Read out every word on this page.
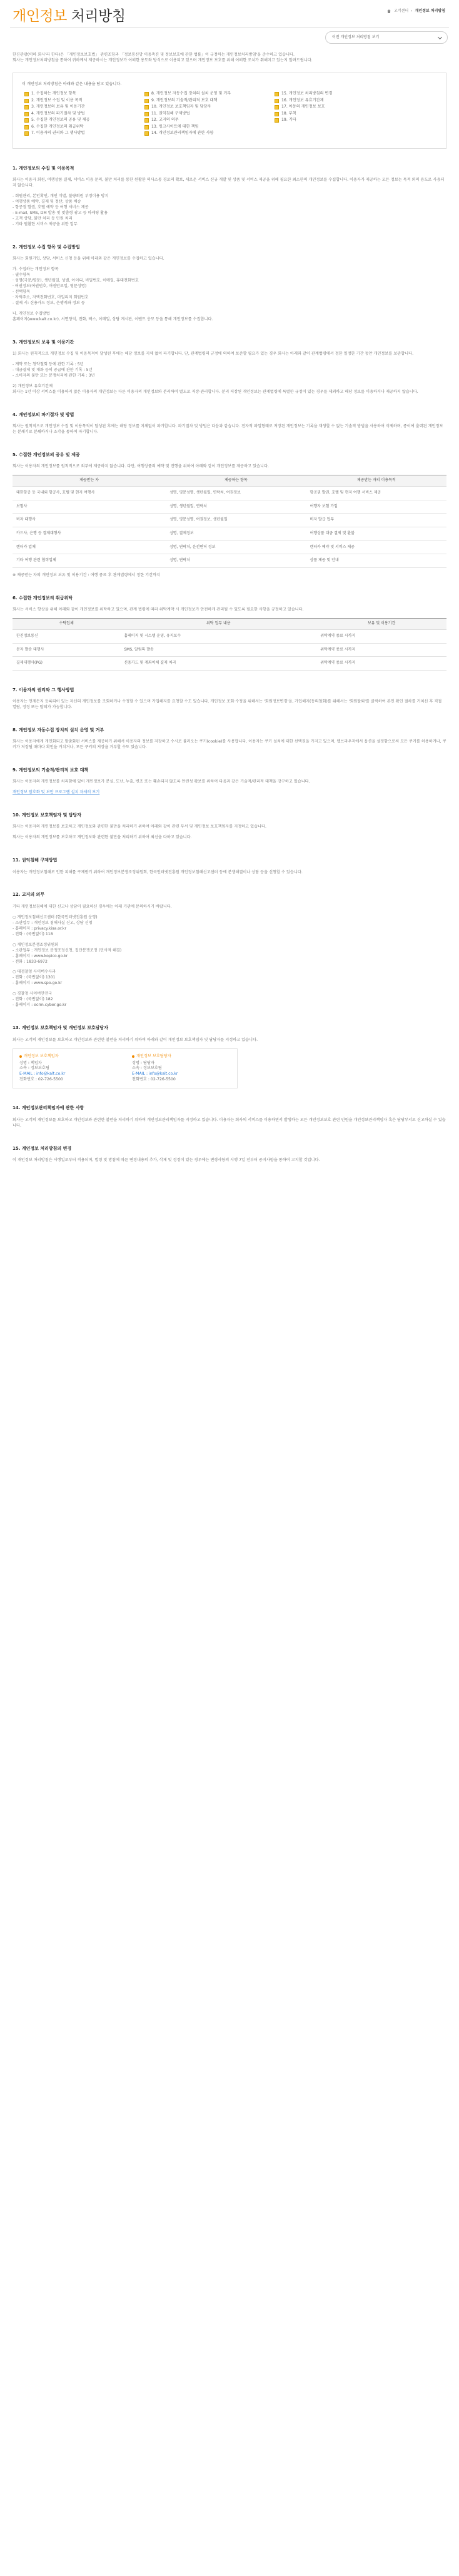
개인정보 처리방침	고객센터 › 개인정보 처리방침
이전 개인정보 처리방침 보기
한진관광(이하 회사'라 한다)은 「개인정보보호법」 관련조항과 「정보통신망 이용촉진 및 정보보호에 관한 법률」이 규정하는 개인정보처리방침'을 준수하고 있습니다.
회사는 개인정보처리방침을 통하여 귀하께서 제공하시는 개인정보가 어떠한 용도와 방식으로 이용되고 있으며 개인정보 보호를 위해 어떠한 조치가 취해지고 있는지 알려드립니다.
이 개인정보 처리방침은 아래와 같은 내용을 담고 있습니다.
1. 수집하는 개인정보 항목
2. 개인정보 수집 및 이용 목적
3. 개인정보의 보유 및 이용기간
4. 개인정보의 파기절차 및 방법
5. 수집한 개인정보의 공유 및 제공
6. 수집한 개인정보의 취급위탁
7. 이용자의 권리와 그 행사방법
8. 개인정보 자동수집 장치의 설치 운영 및 거부
9. 개인정보의 기술적/관리적 보호 대책
10. 개인정보 보호책임자 및 담당자
11. 권익침해 구제방법
12. 고지의 의무
13. 링크사이트에 대한 책임
14. 개인정보관리책임자에 관한 사항
15. 개인정보 처리방침의 변경
16. 개인정보 유효기간제
17. 아동의 개인정보 보호
18. 부칙
19. 기타
1. 개인정보의 수집 및 이용목적
회사는 이용자 회원, 여행상품 결제, 서비스 이용 문의, 불만 처리를 통한 원활한 의사소통 경로의 확보, 새로운 서비스 신규 개발 및 상품 및 서비스 제공을 위해 필요한 최소한의 개인정보를 수집합니다. 이용자가 제공하는 모든 정보는 목적 외의 용도로 사용되지 않습니다.
- 회원관리, 본인확인, 개인 식별, 불량회원 부정이용 방지
- 여행상품 예약, 결제 및 정산, 상품 배송
- 항공권 발권, 호텔 예약 등 여행 서비스 제공
- E-mail, SMS, DM 발송 및 맞춤형 광고 등 마케팅 활용
- 고객 상담, 불만 처리 등 민원 처리
- 기타 원활한 서비스 제공을 위한 업무
2. 개인정보 수집 항목 및 수집방법
회사는 회원가입, 상담, 서비스 신청 등을 위해 아래와 같은 개인정보를 수집하고 있습니다.
가. 수집하는 개인정보 항목
- 필수항목
· 성명(국문/영문), 생년월일, 성별, 아이디, 비밀번호, 이메일, 휴대전화번호
· 여권정보(여권번호, 여권만료일, 영문성명)
- 선택항목
· 자택주소, 자택전화번호, 마일리지 회원번호
- 결제 시: 신용카드 정보, 은행계좌 정보 등
나. 개인정보 수집방법
홈페이지(www.kalt.co.kr), 서면양식, 전화, 팩스, 이메일, 상담 게시판, 이벤트 응모 등을 통해 개인정보를 수집합니다.
3. 개인정보의 보유 및 이용기간
1) 회사는 원칙적으로 개인정보 수집 및 이용목적이 달성된 후에는 해당 정보를 지체 없이 파기합니다. 단, 관계법령의 규정에 의하여 보존할 필요가 있는 경우 회사는 아래와 같이 관계법령에서 정한 일정한 기간 동안 개인정보를 보관합니다.
- 계약 또는 청약철회 등에 관한 기록 : 5년
- 대금결제 및 재화 등의 공급에 관한 기록 : 5년
- 소비자의 불만 또는 분쟁처리에 관한 기록 : 3년
2) 개인정보 유효기간제
회사는 1년 이상 서비스를 이용하지 않은 이용자의 개인정보는 다른 이용자의 개인정보와 분리하여 별도로 저장·관리합니다. 분리 저장된 개인정보는 관계법령에 특별한 규정이 있는 경우를 제외하고 해당 정보를 이용하거나 제공하지 않습니다.
4. 개인정보의 파기절차 및 방법
회사는 원칙적으로 개인정보 수집 및 이용목적이 달성된 후에는 해당 정보를 지체없이 파기합니다. 파기절차 및 방법은 다음과 같습니다. 전자적 파일형태로 저장된 개인정보는 기록을 재생할 수 없는 기술적 방법을 사용하여 삭제하며, 종이에 출력된 개인정보는 분쇄기로 분쇄하거나 소각을 통하여 파기합니다.
5. 수집한 개인정보의 공유 및 제공
회사는 이용자의 개인정보를 원칙적으로 외부에 제공하지 않습니다. 다만, 여행상품의 예약 및 진행을 위하여 아래와 같이 개인정보를 제공하고 있습니다.
제공받는 자	제공하는 항목	제공받는 자의 이용목적
대한항공 등 국내외 항공사, 호텔 및 현지 여행사	성명, 영문성명, 생년월일, 연락처, 여권정보	항공권 발권, 호텔 및 현지 여행 서비스 제공
보험사	성명, 생년월일, 연락처	여행자 보험 가입
비자 대행사	성명, 영문성명, 여권정보, 생년월일	비자 발급 업무
카드사, 은행 등 결제대행사	성명, 결제정보	여행상품 대금 결제 및 환불
렌터카 업체	성명, 연락처, 운전면허 정보	렌터카 예약 및 서비스 제공
기타 여행 관련 협력업체	성명, 연락처	상품 제공 및 안내
※ 제공받는 자의 개인정보 보유 및 이용기간 : 여행 종료 후 관계법령에서 정한 기간까지
6. 수집한 개인정보의 취급위탁
회사는 서비스 향상을 위해 아래와 같이 개인정보를 위탁하고 있으며, 관계 법령에 따라 위탁계약 시 개인정보가 안전하게 관리될 수 있도록 필요한 사항을 규정하고 있습니다.
수탁업체	위탁 업무 내용	보유 및 이용기간
한진정보통신	홈페이지 및 시스템 운영, 유지보수	위탁계약 종료 시까지
문자 발송 대행사	SMS, 알림톡 발송	위탁계약 종료 시까지
결제대행사(PG)	신용카드 및 계좌이체 결제 처리	위탁계약 종료 시까지
7. 이용자의 권리와 그 행사방법
이용자는 언제든지 등록되어 있는 자신의 개인정보를 조회하거나 수정할 수 있으며 가입해지를 요청할 수도 있습니다. 개인정보 조회·수정을 위해서는 '회원정보변경'을, 가입해지(동의철회)를 위해서는 '회원탈퇴'를 클릭하여 본인 확인 절차를 거치신 후 직접 열람, 정정 또는 탈퇴가 가능합니다.
8. 개인정보 자동수집 장치의 설치 운영 및 거부
회사는 이용자에게 개인화되고 맞춤화된 서비스를 제공하기 위해서 이용자의 정보를 저장하고 수시로 불러오는 쿠키(cookie)를 사용합니다. 이용자는 쿠키 설치에 대한 선택권을 가지고 있으며, 웹브라우저에서 옵션을 설정함으로써 모든 쿠키를 허용하거나, 쿠키가 저장될 때마다 확인을 거치거나, 모든 쿠키의 저장을 거부할 수도 있습니다.
9. 개인정보의 기술적/관리적 보호 대책
회사는 이용자의 개인정보를 처리함에 있어 개인정보가 분실, 도난, 누출, 변조 또는 훼손되지 않도록 안전성 확보를 위하여 다음과 같은 기술적/관리적 대책을 강구하고 있습니다.
개인정보 암호화 및 보안 프로그램 설치 자세히 보기
10. 개인정보 보호책임자 및 담당자
회사는 이용자의 개인정보를 보호하고 개인정보와 관련한 불만을 처리하기 위하여 아래와 같이 관련 부서 및 개인정보 보호책임자를 지정하고 있습니다.
회사는 이용자의 개인정보를 보호하고 개인정보와 관련한 불만을 처리하기 위하여 최선을 다하고 있습니다.
11. 권익침해 구제방법
이용자는 개인정보침해로 인한 피해를 구제받기 위하여 개인정보분쟁조정위원회, 한국인터넷진흥원 개인정보침해신고센터 등에 분쟁해결이나 상담 등을 신청할 수 있습니다.
12. 고지의 의무
기타 개인정보침해에 대한 신고나 상담이 필요하신 경우에는 아래 기관에 문의하시기 바랍니다.
○ 개인정보침해신고센터 (한국인터넷진흥원 운영)
- 소관업무 : 개인정보 침해사실 신고, 상담 신청
- 홈페이지 : privacy.kisa.or.kr
- 전화 : (국번없이) 118
○ 개인정보분쟁조정위원회
- 소관업무 : 개인정보 분쟁조정신청, 집단분쟁조정 (민사적 해결)
- 홈페이지 : www.kopico.go.kr
- 전화 : 1833-6972
○ 대검찰청 사이버수사과
- 전화 : (국번없이) 1301
- 홈페이지 : www.spo.go.kr
○ 경찰청 사이버안전국
- 전화 : (국번없이) 182
- 홈페이지 : ecrm.cyber.go.kr
13. 개인정보 보호책임자 및 개인정보 보호담당자
회사는 고객의 개인정보를 보호하고 개인정보와 관련한 불만을 처리하기 위하여 아래와 같이 개인정보 보호책임자 및 담당자를 지정하고 있습니다.
개인정보 보호책임자
성명 : 책임자
소속 : 정보보호팀
E-MAIL : info@kalt.co.kr
전화번호 : 02-726-5500
개인정보 보호담당자
성명 : 담당자
소속 : 정보보호팀
E-MAIL : info@kalt.co.kr
전화번호 : 02-726-5500
14. 개인정보관리책임자에 관한 사항
회사는 고객의 개인정보를 보호하고 개인정보와 관련한 불만을 처리하기 위하여 개인정보관리책임자를 지정하고 있습니다. 이용자는 회사의 서비스를 이용하면서 발생하는 모든 개인정보보호 관련 민원을 개인정보관리책임자 혹은 담당부서로 신고하실 수 있습니다.
15. 개인정보 처리방침의 변경
이 개인정보 처리방침은 시행일로부터 적용되며, 법령 및 방침에 따른 변경내용의 추가, 삭제 및 정정이 있는 경우에는 변경사항의 시행 7일 전부터 공지사항을 통하여 고지할 것입니다.
